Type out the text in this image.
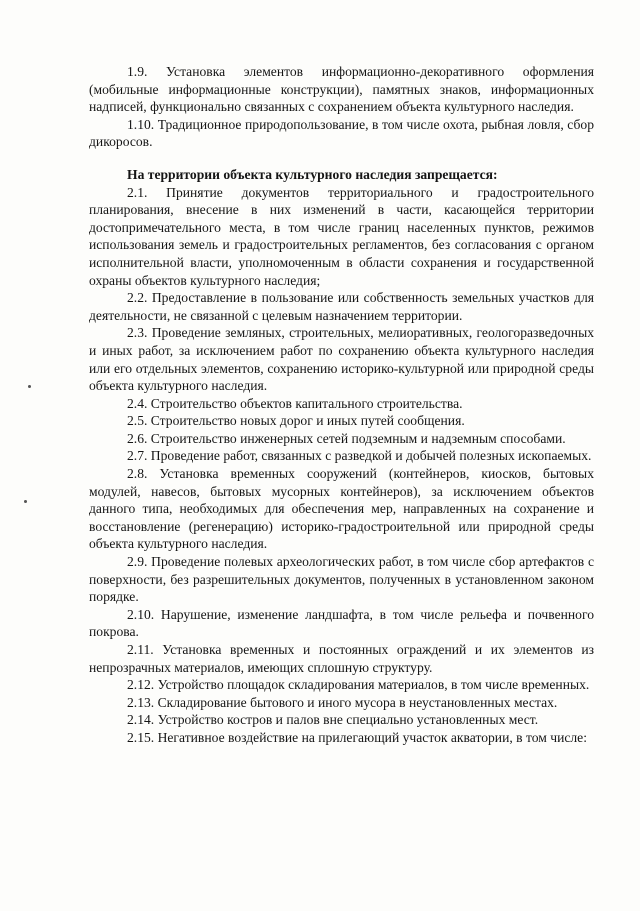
1.9. Установка элементов информационно-декоративного оформления (мобильные информационные конструкции), памятных знаков, информационных надписей, функционально связанных с сохранением объекта культурного наследия.

1.10. Традиционное природопользование, в том числе охота, рыбная ловля, сбор дикоросов.

На территории объекта культурного наследия запрещается:

2.1. Принятие документов территориального и градостроительного планирования, внесение в них изменений в части, касающейся территории достопримечательного места, в том числе границ населенных пунктов, режимов использования земель и градостроительных регламентов, без согласования с органом исполнительной власти, уполномоченным в области сохранения и государственной охраны объектов культурного наследия;

2.2. Предоставление в пользование или собственность земельных участков для деятельности, не связанной с целевым назначением территории.

2.3. Проведение земляных, строительных, мелиоративных, геологоразведочных и иных работ, за исключением работ по сохранению объекта культурного наследия или его отдельных элементов, сохранению историко-культурной или природной среды объекта культурного наследия.

2.4. Строительство объектов капитального строительства.

2.5. Строительство новых дорог и иных путей сообщения.

2.6. Строительство инженерных сетей подземным и надземным способами.

2.7. Проведение работ, связанных с разведкой и добычей полезных ископаемых.

2.8. Установка временных сооружений (контейнеров, киосков, бытовых модулей, навесов, бытовых мусорных контейнеров), за исключением объектов данного типа, необходимых для обеспечения мер, направленных на сохранение и восстановление (регенерацию) историко-градостроительной или природной среды объекта культурного наследия.

2.9. Проведение полевых археологических работ, в том числе сбор артефактов с поверхности, без разрешительных документов, полученных в установленном законом порядке.

2.10. Нарушение, изменение ландшафта, в том числе рельефа и почвенного покрова.

2.11. Установка временных и постоянных ограждений и их элементов из непрозрачных материалов, имеющих сплошную структуру.

2.12. Устройство площадок складирования материалов, в том числе временных.

2.13. Складирование бытового и иного мусора в неустановленных местах.

2.14. Устройство костров и палов вне специально установленных мест.

2.15. Негативное воздействие на прилегающий участок акватории, в том числе:
